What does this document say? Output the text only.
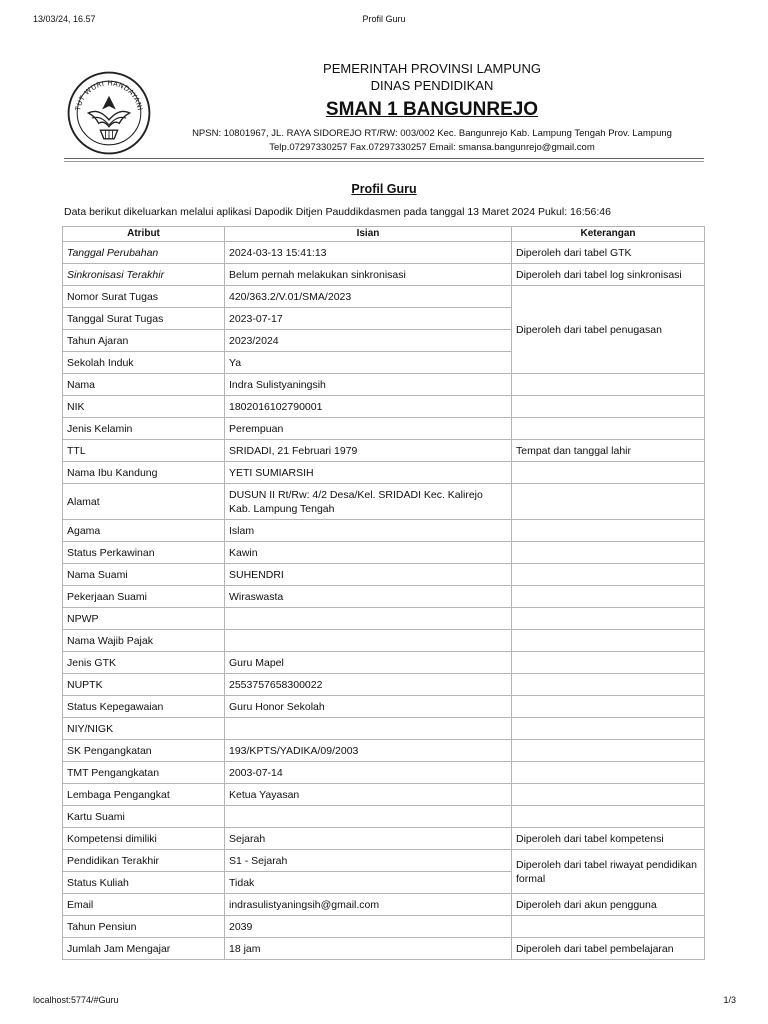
13/03/24, 16.57	Profil Guru
TUT WURI HANDAYANI
PEMERINTAH PROVINSI LAMPUNG
DINAS PENDIDIKAN
SMAN 1 BANGUNREJO
NPSN: 10801967, JL. RAYA SIDOREJO RT/RW: 003/002 Kec. Bangunrejo Kab. Lampung Tengah Prov. Lampung
Telp.07297330257 Fax.07297330257 Email: smansa.bangunrejo@gmail.com
Profil Guru
Data berikut dikeluarkan melalui aplikasi Dapodik Ditjen Pauddikdasmen pada tanggal 13 Maret 2024 Pukul: 16:56:46
Atribut	Isian	Keterangan
Tanggal Perubahan	2024-03-13 15:41:13	Diperoleh dari tabel GTK
Sinkronisasi Terakhir	Belum pernah melakukan sinkronisasi	Diperoleh dari tabel log sinkronisasi
Nomor Surat Tugas	420/363.2/V.01/SMA/2023	Diperoleh dari tabel penugasan
Tanggal Surat Tugas	2023-07-17	
Tahun Ajaran	2023/2024	
Sekolah Induk	Ya	
Nama	Indra Sulistyaningsih	
NIK	1802016102790001	
Jenis Kelamin	Perempuan	
TTL	SRIDADI, 21 Februari 1979	Tempat dan tanggal lahir
Nama Ibu Kandung	YETI SUMIARSIH	
Alamat	DUSUN II Rt/Rw: 4/2 Desa/Kel. SRIDADI Kec. Kalirejo Kab. Lampung Tengah	
Agama	Islam	
Status Perkawinan	Kawin	
Nama Suami	SUHENDRI	
Pekerjaan Suami	Wiraswasta	
NPWP		
Nama Wajib Pajak		
Jenis GTK	Guru Mapel	
NUPTK	2553757658300022	
Status Kepegawaian	Guru Honor Sekolah	
NIY/NIGK		
SK Pengangkatan	193/KPTS/YADIKA/09/2003	
TMT Pengangkatan	2003-07-14	
Lembaga Pengangkat	Ketua Yayasan	
Kartu Suami		
Kompetensi dimiliki	Sejarah	Diperoleh dari tabel kompetensi
Pendidikan Terakhir	S1 - Sejarah	Diperoleh dari tabel riwayat pendidikan formal
Status Kuliah	Tidak	
Email	indrasulistyaningsih@gmail.com	Diperoleh dari akun pengguna
Tahun Pensiun	2039	
Jumlah Jam Mengajar	18 jam	Diperoleh dari tabel pembelajaran
localhost:5774/#Guru	1/3
